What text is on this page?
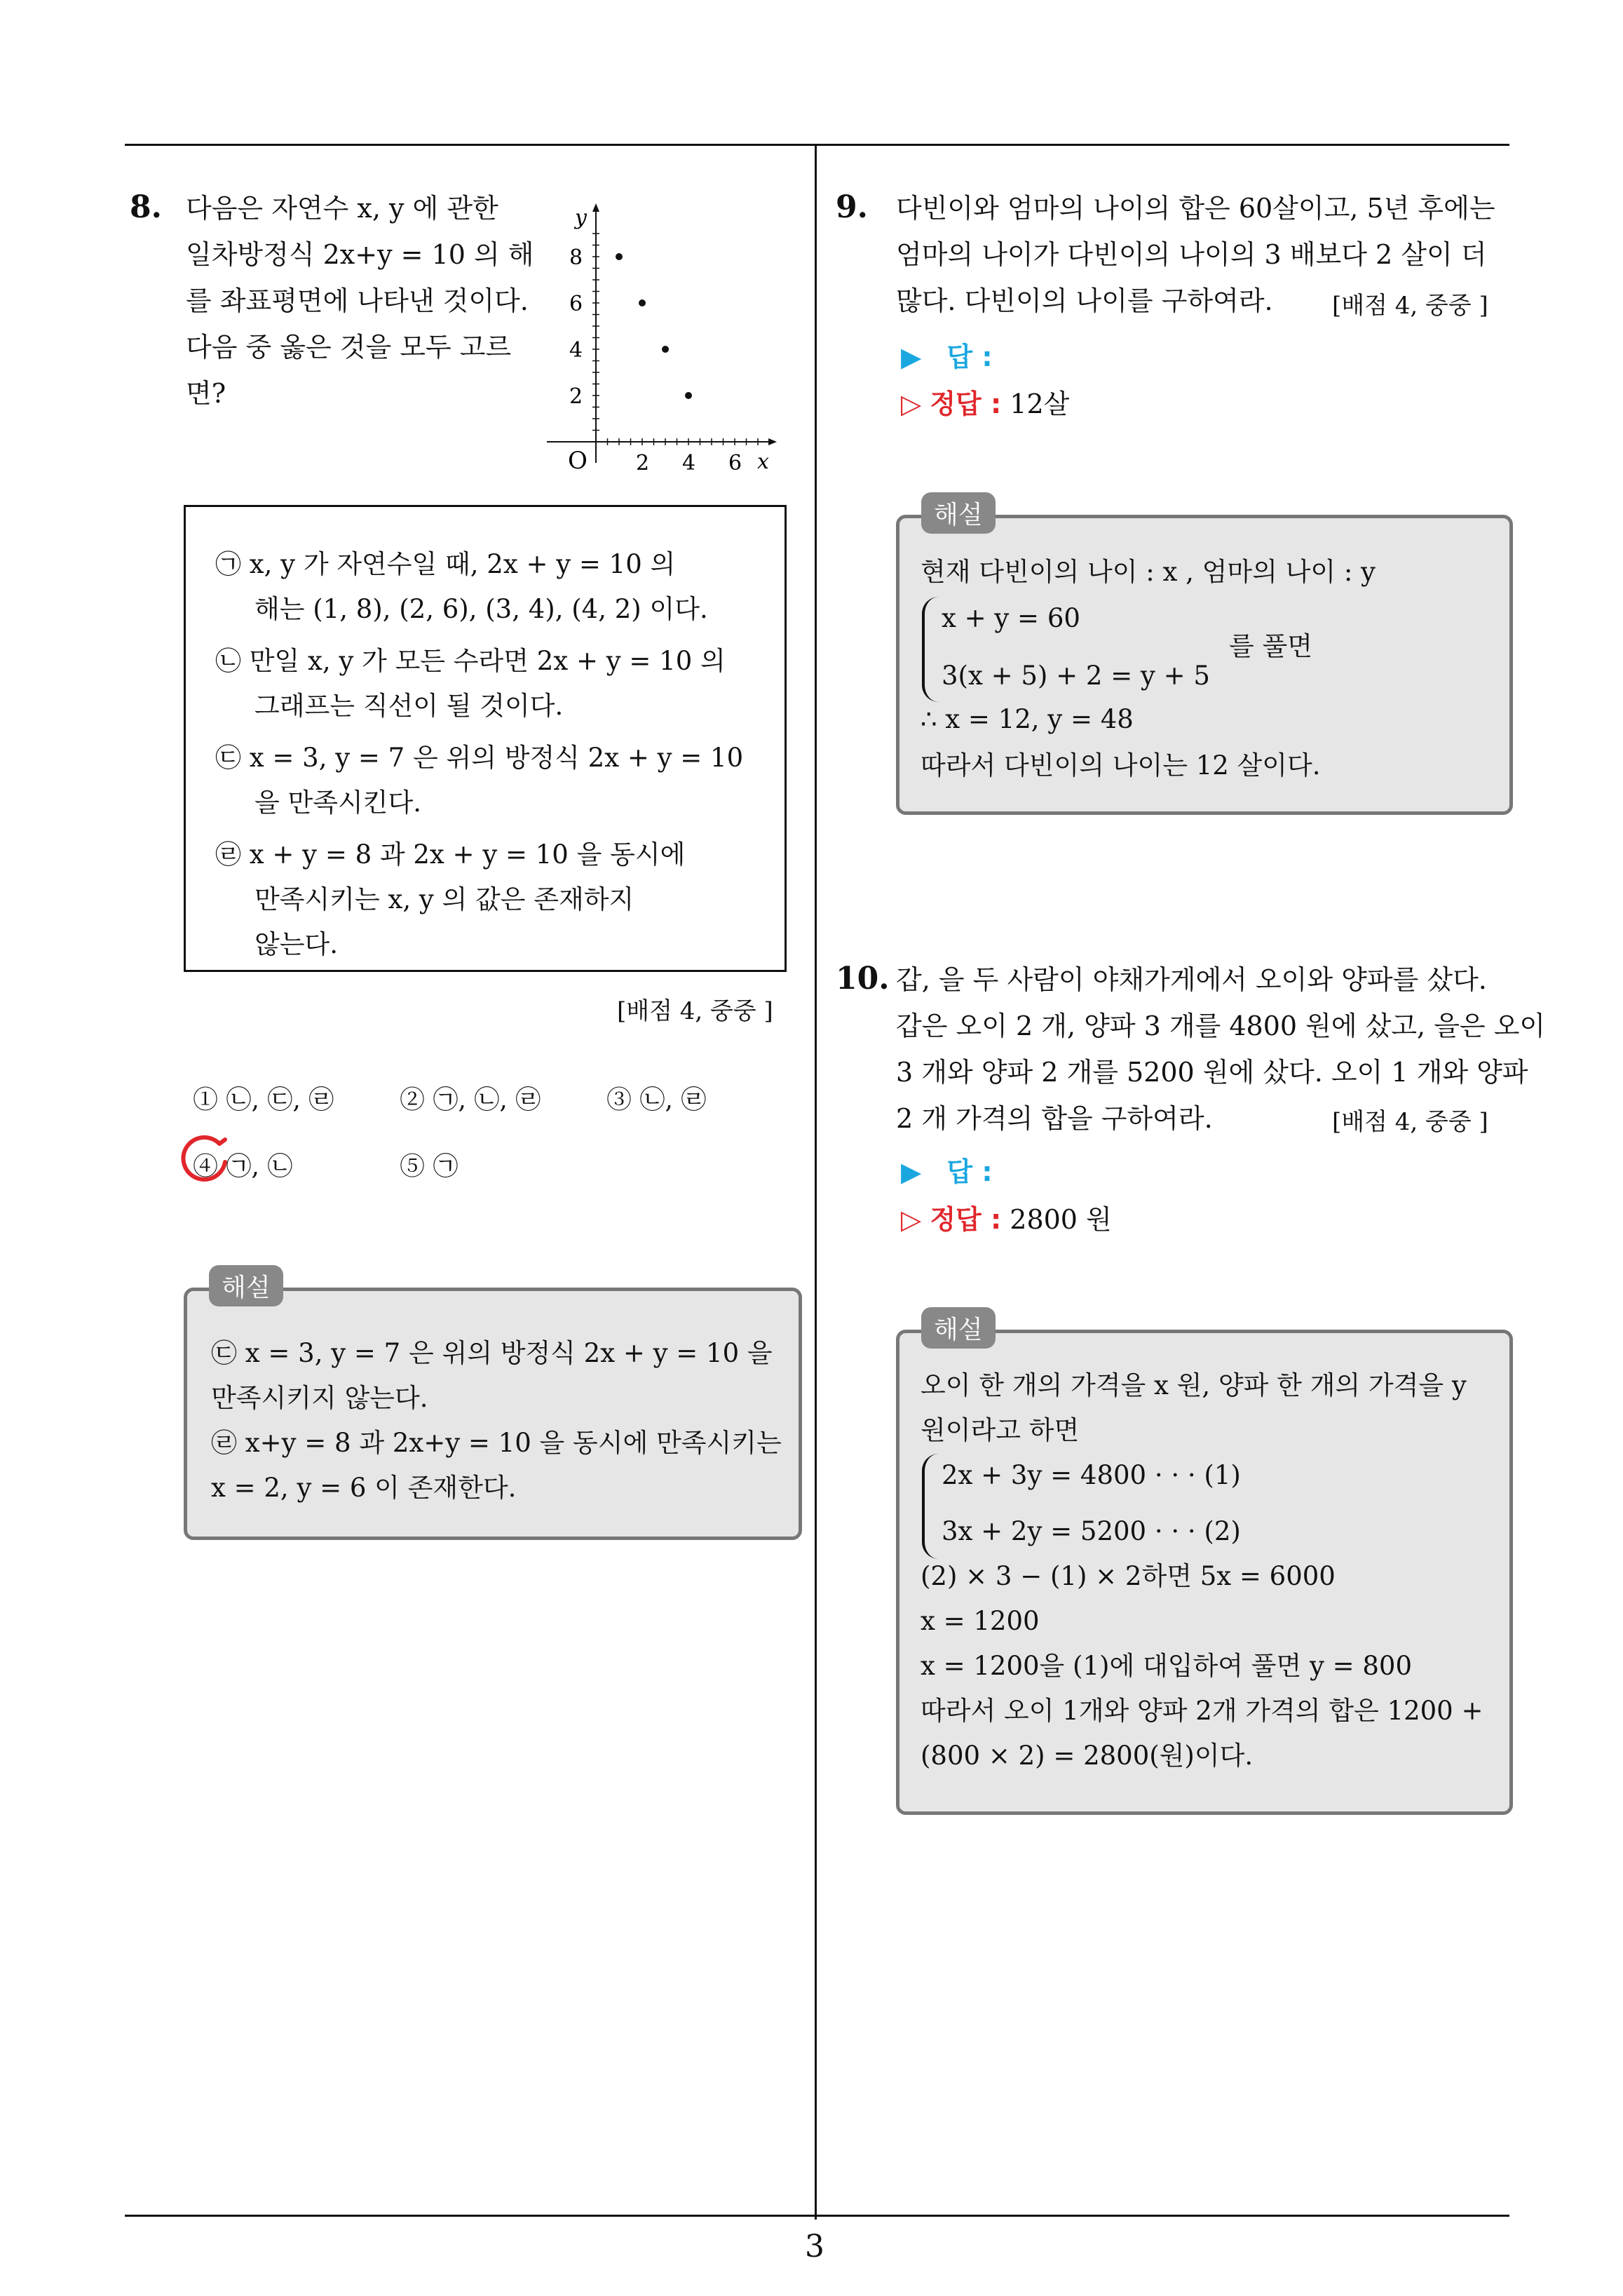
3
8. 다음은 자연수 x, y 에 관한
일차방정식 2x+y = 10 의 해
를 좌표평면에 나타낸 것이다.
다음 중 옳은 것을 모두 고르
면?
y
x
O
8
6
4
2
2 4 6
㉠ x, y 가 자연수일 때, 2x + y = 10 의
해는 (1, 8), (2, 6), (3, 4), (4, 2) 이다.
㉡ 만일 x, y 가 모든 수라면 2x + y = 10 의
그래프는 직선이 될 것이다.
㉢ x = 3, y = 7 은 위의 방정식 2x + y = 10
을 만족시킨다.
㉣ x + y = 8 과 2x + y = 10 을 동시에
만족시키는 x, y 의 값은 존재하지
않는다.
[배점 4, 중중 ]
① ㉡, ㉢, ㉣	② ㉠, ㉡, ㉣	③ ㉡, ㉣
④ ㉠, ㉡	⑤ ㉠
㉢ x = 3, y = 7 은 위의 방정식 2x + y = 10 을
만족시키지 않는다.
㉣ x+y = 8 과 2x+y = 10 을 동시에 만족시키는
x = 2, y = 6 이 존재한다.
해설
9. 다빈이와 엄마의 나이의 합은 60살이고, 5년 후에는
엄마의 나이가 다빈이의 나이의 3 배보다 2 살이 더
많다. 다빈이의 나이를 구하여라.	[배점 4, 중중 ]
▶ 답 :
▷ 정답 : 12살
현재 다빈이의 나이 : x , 엄마의 나이 : y
x + y = 60
3(x + 5) + 2 = y + 5
를 풀면
∴ x = 12, y = 48
따라서 다빈이의 나이는 12 살이다.
해설
10. 갑, 을 두 사람이 야채가게에서 오이와 양파를 샀다.
갑은 오이 2 개, 양파 3 개를 4800 원에 샀고, 을은 오이
3 개와 양파 2 개를 5200 원에 샀다. 오이 1 개와 양파
2 개 가격의 합을 구하여라.	[배점 4, 중중 ]
▶ 답 :
▷ 정답 : 2800 원
오이 한 개의 가격을 x 원, 양파 한 개의 가격을 y
원이라고 하면
2x + 3y = 4800 · · · (1)
3x + 2y = 5200 · · · (2)
(2) × 3 − (1) × 2하면 5x = 6000
x = 1200
x = 1200을 (1)에 대입하여 풀면 y = 800
따라서 오이 1개와 양파 2개 가격의 합은 1200 +
(800 × 2) = 2800(원)이다.
해설
